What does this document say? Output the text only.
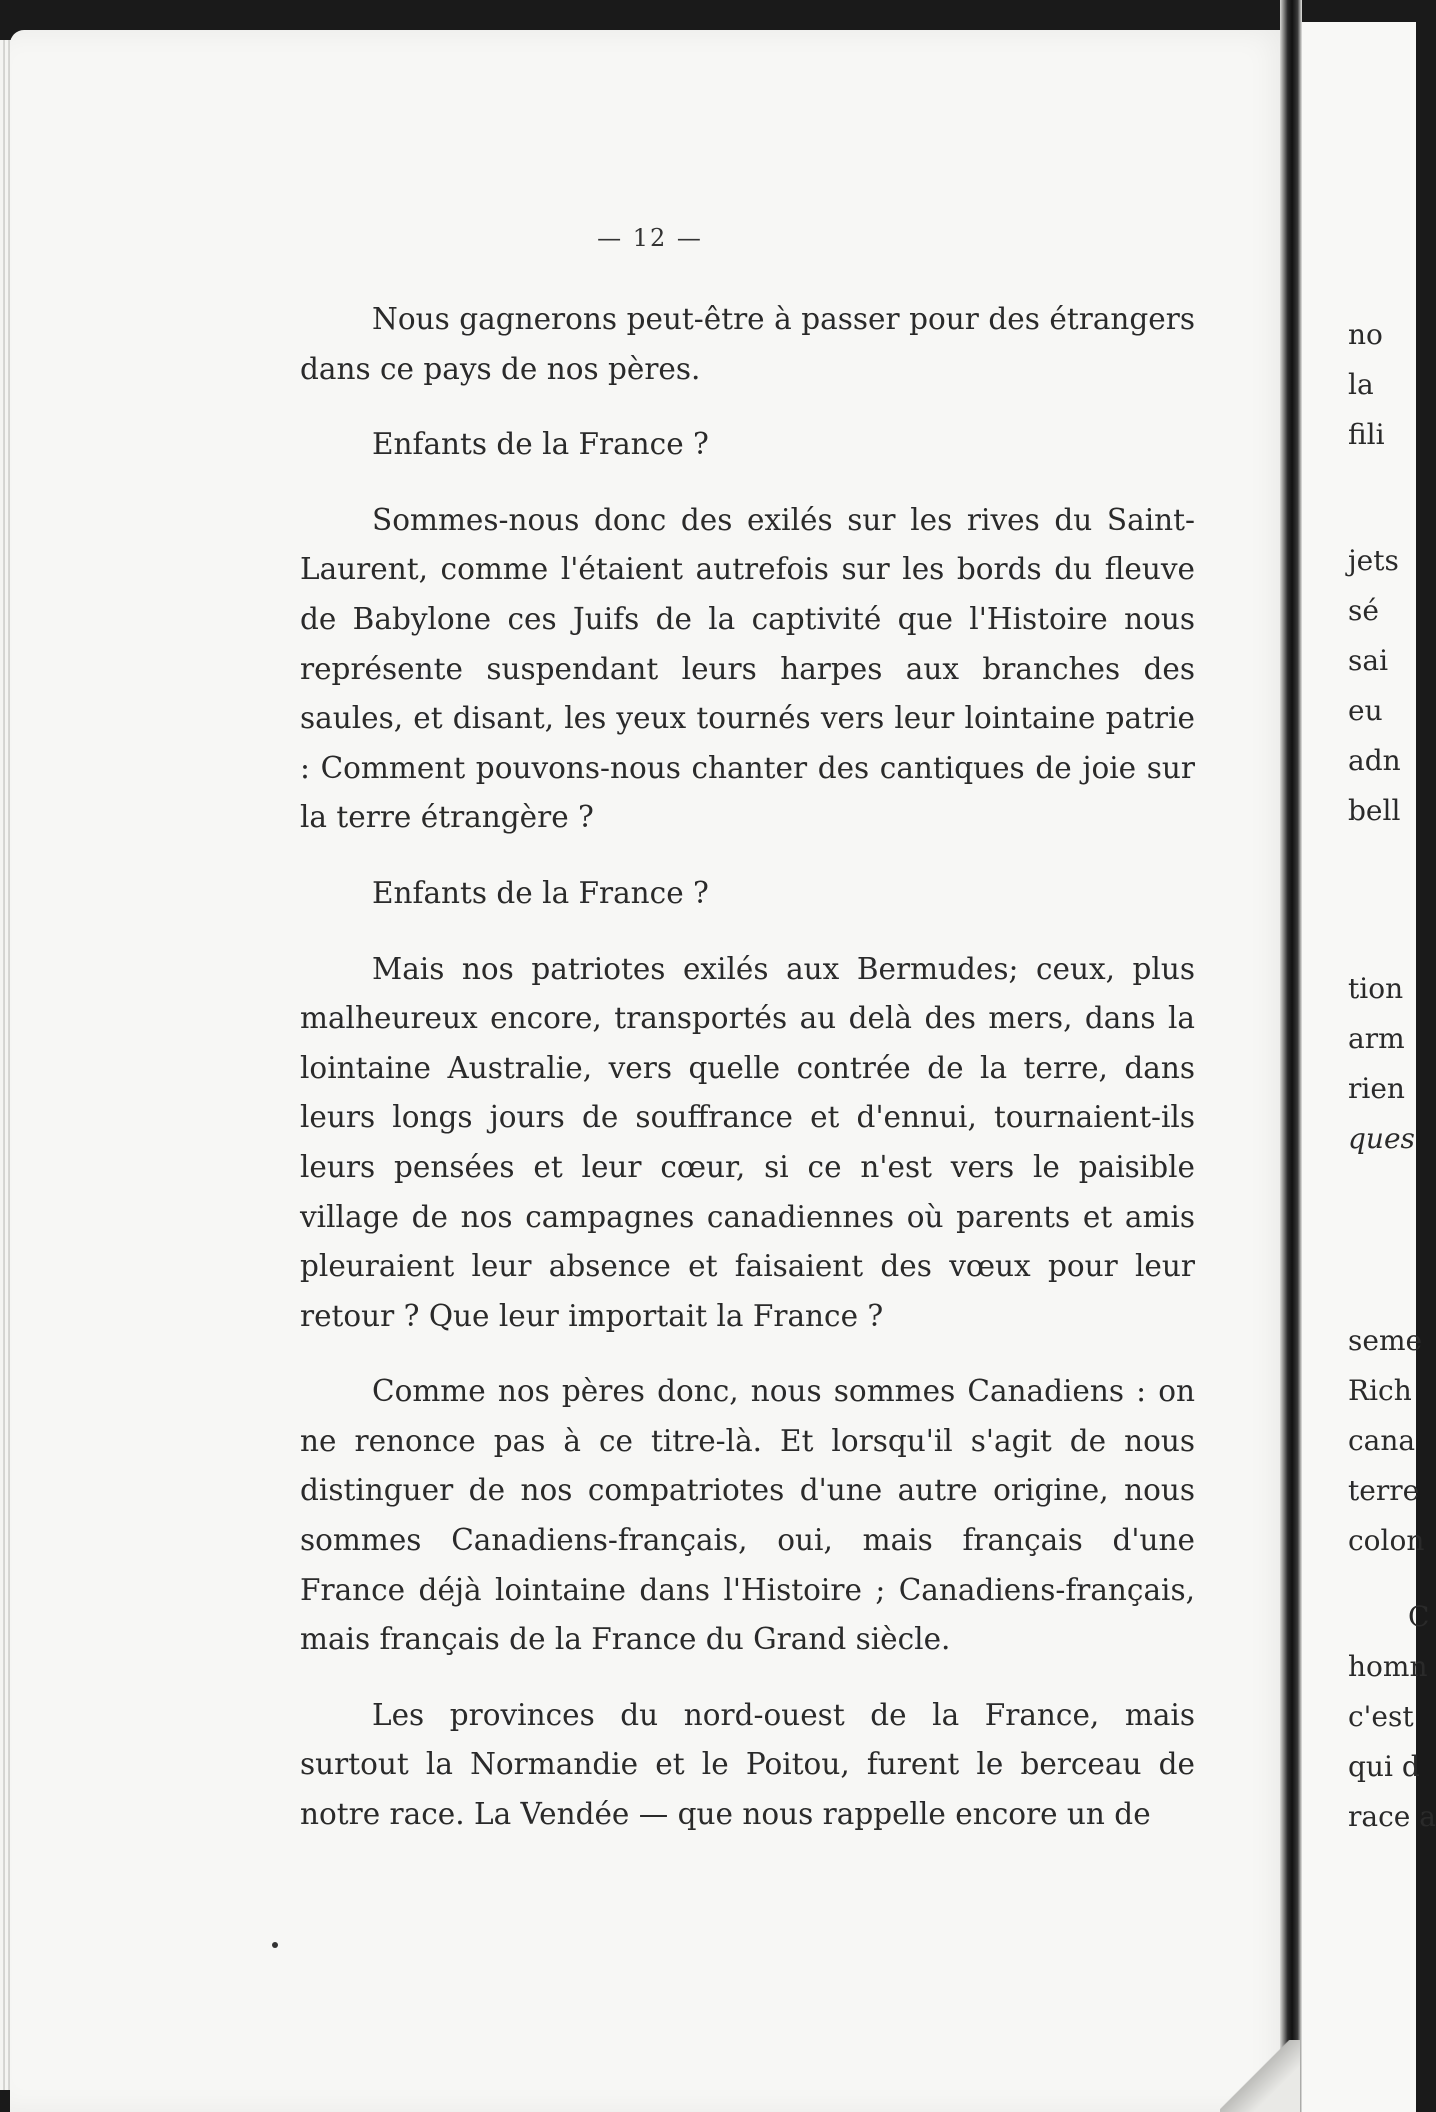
— 12 —

Nous gagnerons peut-être à passer pour des étrangers dans ce pays de nos pères.

Enfants de la France ?

Sommes-nous donc des exilés sur les rives du Saint-Laurent, comme l'étaient autrefois sur les bords du fleuve de Babylone ces Juifs de la captivité que l'Histoire nous représente suspendant leurs harpes aux branches des saules, et disant, les yeux tournés vers leur lointaine patrie : Comment pouvons-nous chanter des cantiques de joie sur la terre étrangère ?

Enfants de la France ?

Mais nos patriotes exilés aux Bermudes; ceux, plus malheureux encore, transportés au delà des mers, dans la lointaine Australie, vers quelle contrée de la terre, dans leurs longs jours de souffrance et d'ennui, tournaient-ils leurs pensées et leur cœur, si ce n'est vers le paisible village de nos campagnes canadiennes où parents et amis pleuraient leur absence et faisaient des vœux pour leur retour ? Que leur importait la France ?

Comme nos pères donc, nous sommes Canadiens : on ne renonce pas à ce titre-là. Et lorsqu'il s'agit de nous distinguer de nos compatriotes d'une autre origine, nous sommes Canadiens-français, oui, mais français d'une France déjà lointaine dans l'Histoire ; Canadiens-français, mais français de la France du Grand siècle.

Les provinces du nord-ouest de la France, mais surtout la Normandie et le Poitou, furent le berceau de notre race. La Vendée — que nous rappelle encore un de

no
la
fili
jets
sé
sai
eu
adn
bell
tion
arm
rien
ques
seme
Rich
cana
terre
colon
C
homn
c'est
qui d
race a
